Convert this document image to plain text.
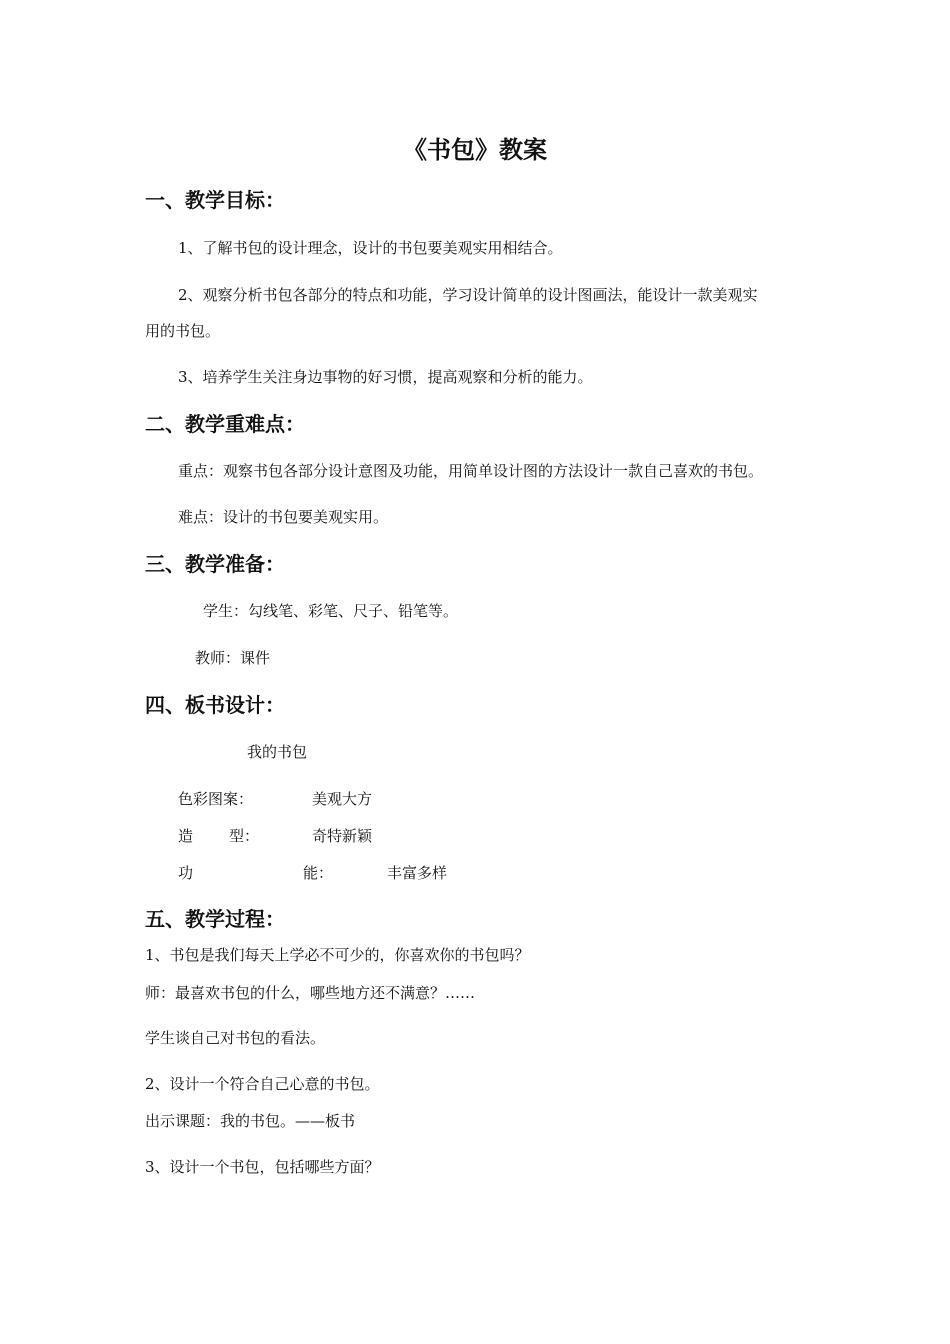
《书包》教案
一、教学目标：
1、了解书包的设计理念，设计的书包要美观实用相结合。
2、观察分析书包各部分的特点和功能，学习设计简单的设计图画法，能设计一款美观实
用的书包。
3、培养学生关注身边事物的好习惯，提高观察和分析的能力。
二、教学重难点：
重点：观察书包各部分设计意图及功能，用简单设计图的方法设计一款自己喜欢的书包。
难点：设计的书包要美观实用。
三、教学准备：
学生：勾线笔、彩笔、尺子、铅笔等。
教师：课件
四、板书设计：
我的书包
色彩图案：	美观大方
造 型：	奇特新颖
功	能：	丰富多样
五、教学过程：
1、书包是我们每天上学必不可少的，你喜欢你的书包吗？
师：最喜欢书包的什么，哪些地方还不满意？……
学生谈自己对书包的看法。
2、设计一个符合自己心意的书包。
出示课题：我的书包。——板书
3、设计一个书包，包括哪些方面？
